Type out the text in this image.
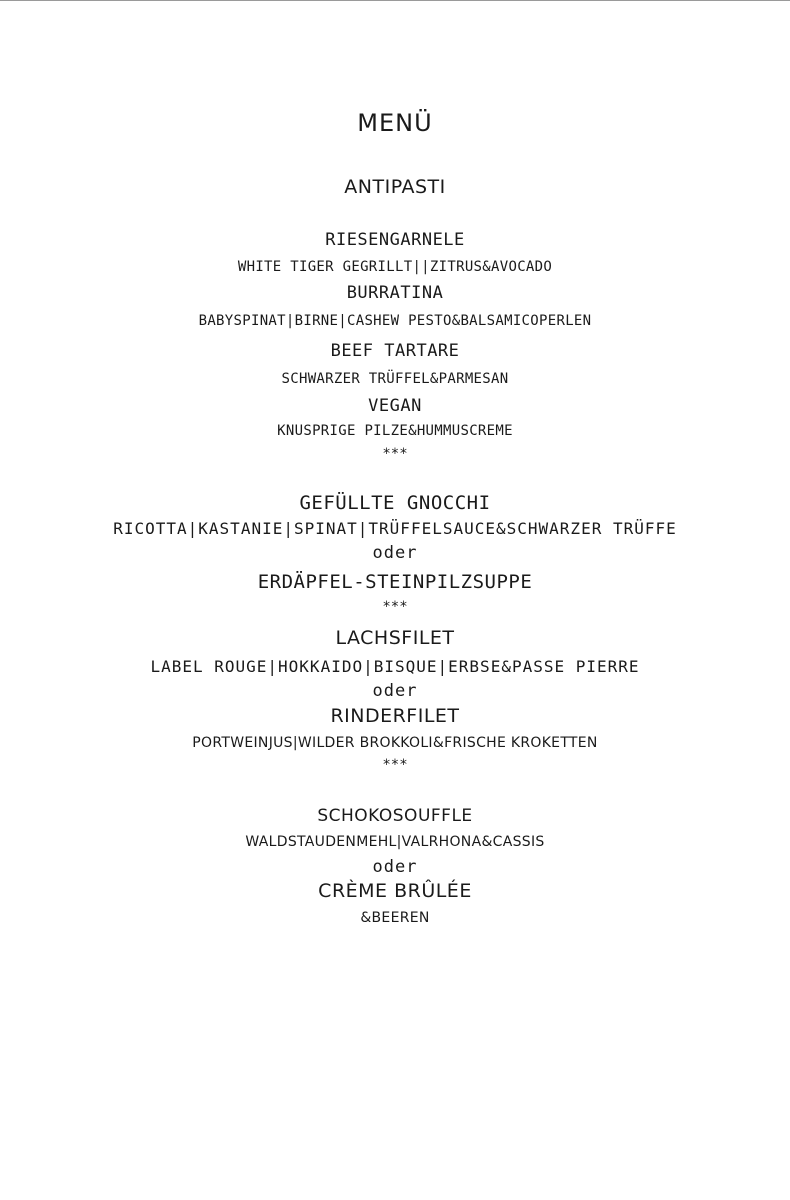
MENÜ
ANTIPASTI
RIESENGARNELE
WHITE TIGER GEGRILLT||ZITRUS&AVOCADO
BURRATINA
BABYSPINAT|BIRNE|CASHEW PESTO&BALSAMICOPERLEN
BEEF TARTARE
SCHWARZER TRÜFFEL&PARMESAN
VEGAN
KNUSPRIGE PILZE&HUMMUSCREME
***
GEFÜLLTE GNOCCHI
RICOTTA|KASTANIE|SPINAT|TRÜFFELSAUCE&SCHWARZER TRÜFFE
oder
ERDÄPFEL-STEINPILZSUPPE
***
LACHSFILET
LABEL ROUGE|HOKKAIDO|BISQUE|ERBSE&PASSE PIERRE
oder
RINDERFILET
PORTWEINJUS|WILDER BROKKOLI&FRISCHE KROKETTEN
***
SCHOKOSOUFFLE
WALDSTAUDENMEHL|VALRHONA&CASSIS
oder
CRÈME BRÛLÉE
&BEEREN
